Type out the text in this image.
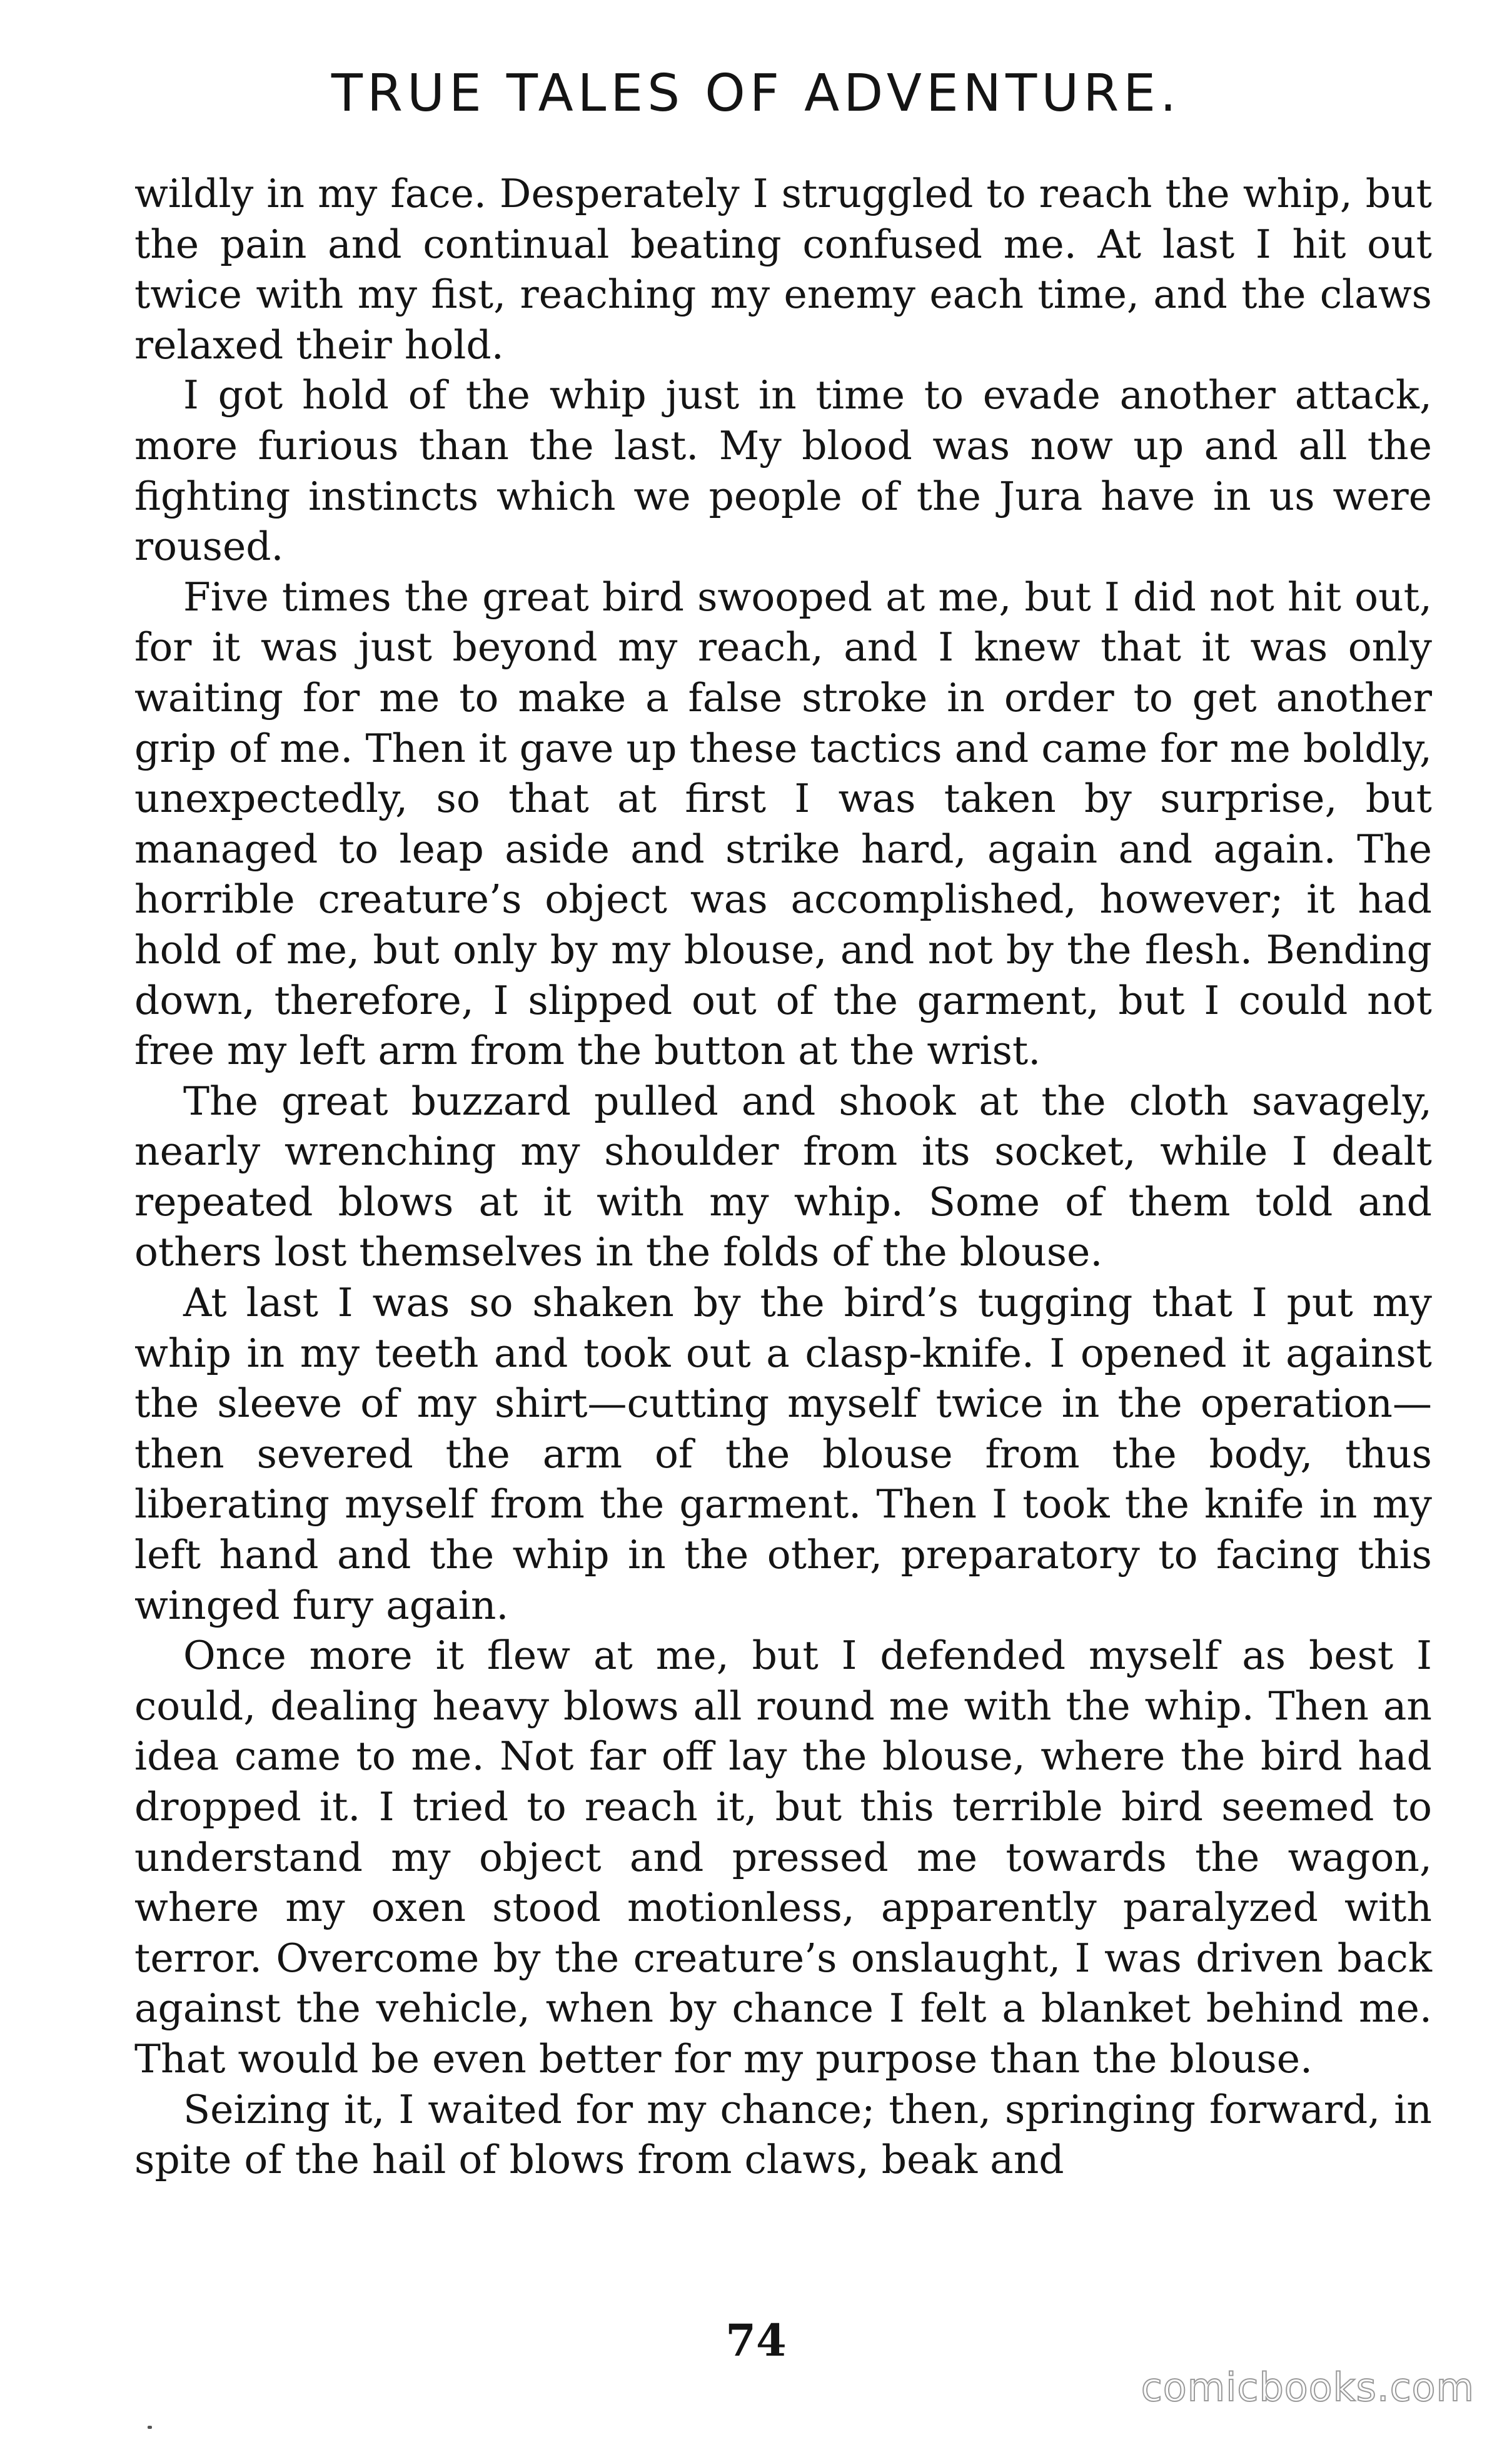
TRUE TALES OF ADVENTURE.

wildly in my face. Desperately I struggled to reach the whip, but the pain and continual beating confused me. At last I hit out twice with my fist, reaching my enemy each time, and the claws relaxed their hold.

I got hold of the whip just in time to evade another attack, more furious than the last. My blood was now up and all the fighting instincts which we people of the Jura have in us were roused.

Five times the great bird swooped at me, but I did not hit out, for it was just beyond my reach, and I knew that it was only waiting for me to make a false stroke in order to get another grip of me. Then it gave up these tactics and came for me boldly, unexpectedly, so that at first I was taken by surprise, but managed to leap aside and strike hard, again and again. The horrible creature’s object was accomplished, however; it had hold of me, but only by my blouse, and not by the flesh. Bending down, therefore, I slipped out of the garment, but I could not free my left arm from the button at the wrist.

The great buzzard pulled and shook at the cloth savagely, nearly wrenching my shoulder from its socket, while I dealt repeated blows at it with my whip. Some of them told and others lost themselves in the folds of the blouse.

At last I was so shaken by the bird’s tugging that I put my whip in my teeth and took out a clasp-knife. I opened it against the sleeve of my shirt—cutting myself twice in the operation—then severed the arm of the blouse from the body, thus liberating myself from the garment. Then I took the knife in my left hand and the whip in the other, preparatory to facing this winged fury again.

Once more it flew at me, but I defended myself as best I could, dealing heavy blows all round me with the whip. Then an idea came to me. Not far off lay the blouse, where the bird had dropped it. I tried to reach it, but this terrible bird seemed to understand my object and pressed me towards the wagon, where my oxen stood motionless, apparently paralyzed with terror. Overcome by the creature’s onslaught, I was driven back against the vehicle, when by chance I felt a blanket behind me. That would be even better for my purpose than the blouse.

Seizing it, I waited for my chance; then, springing forward, in spite of the hail of blows from claws, beak and

74
comicbooks.com
